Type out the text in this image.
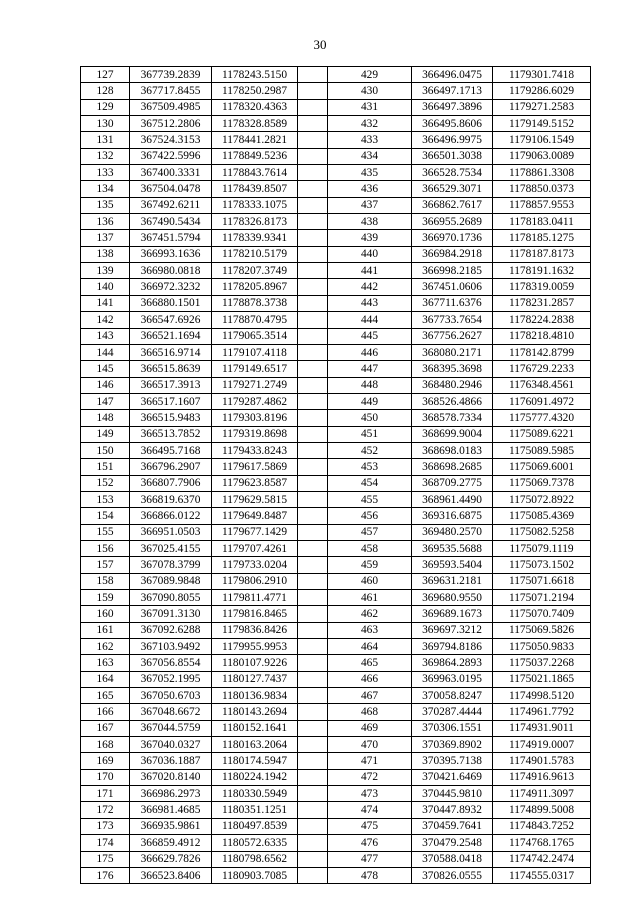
30
127	367739.2839	1178243.5150		429	366496.0475	1179301.7418
128	367717.8455	1178250.2987		430	366497.1713	1179286.6029
129	367509.4985	1178320.4363		431	366497.3896	1179271.2583
130	367512.2806	1178328.8589		432	366495.8606	1179149.5152
131	367524.3153	1178441.2821		433	366496.9975	1179106.1549
132	367422.5996	1178849.5236		434	366501.3038	1179063.0089
133	367400.3331	1178843.7614		435	366528.7534	1178861.3308
134	367504.0478	1178439.8507		436	366529.3071	1178850.0373
135	367492.6211	1178333.1075		437	366862.7617	1178857.9553
136	367490.5434	1178326.8173		438	366955.2689	1178183.0411
137	367451.5794	1178339.9341		439	366970.1736	1178185.1275
138	366993.1636	1178210.5179		440	366984.2918	1178187.8173
139	366980.0818	1178207.3749		441	366998.2185	1178191.1632
140	366972.3232	1178205.8967		442	367451.0606	1178319.0059
141	366880.1501	1178878.3738		443	367711.6376	1178231.2857
142	366547.6926	1178870.4795		444	367733.7654	1178224.2838
143	366521.1694	1179065.3514		445	367756.2627	1178218.4810
144	366516.9714	1179107.4118		446	368080.2171	1178142.8799
145	366515.8639	1179149.6517		447	368395.3698	1176729.2233
146	366517.3913	1179271.2749		448	368480.2946	1176348.4561
147	366517.1607	1179287.4862		449	368526.4866	1176091.4972
148	366515.9483	1179303.8196		450	368578.7334	1175777.4320
149	366513.7852	1179319.8698		451	368699.9004	1175089.6221
150	366495.7168	1179433.8243		452	368698.0183	1175089.5985
151	366796.2907	1179617.5869		453	368698.2685	1175069.6001
152	366807.7906	1179623.8587		454	368709.2775	1175069.7378
153	366819.6370	1179629.5815		455	368961.4490	1175072.8922
154	366866.0122	1179649.8487		456	369316.6875	1175085.4369
155	366951.0503	1179677.1429		457	369480.2570	1175082.5258
156	367025.4155	1179707.4261		458	369535.5688	1175079.1119
157	367078.3799	1179733.0204		459	369593.5404	1175073.1502
158	367089.9848	1179806.2910		460	369631.2181	1175071.6618
159	367090.8055	1179811.4771		461	369680.9550	1175071.2194
160	367091.3130	1179816.8465		462	369689.1673	1175070.7409
161	367092.6288	1179836.8426		463	369697.3212	1175069.5826
162	367103.9492	1179955.9953		464	369794.8186	1175050.9833
163	367056.8554	1180107.9226		465	369864.2893	1175037.2268
164	367052.1995	1180127.7437		466	369963.0195	1175021.1865
165	367050.6703	1180136.9834		467	370058.8247	1174998.5120
166	367048.6672	1180143.2694		468	370287.4444	1174961.7792
167	367044.5759	1180152.1641		469	370306.1551	1174931.9011
168	367040.0327	1180163.2064		470	370369.8902	1174919.0007
169	367036.1887	1180174.5947		471	370395.7138	1174901.5783
170	367020.8140	1180224.1942		472	370421.6469	1174916.9613
171	366986.2973	1180330.5949		473	370445.9810	1174911.3097
172	366981.4685	1180351.1251		474	370447.8932	1174899.5008
173	366935.9861	1180497.8539		475	370459.7641	1174843.7252
174	366859.4912	1180572.6335		476	370479.2548	1174768.1765
175	366629.7826	1180798.6562		477	370588.0418	1174742.2474
176	366523.8406	1180903.7085		478	370826.0555	1174555.0317
